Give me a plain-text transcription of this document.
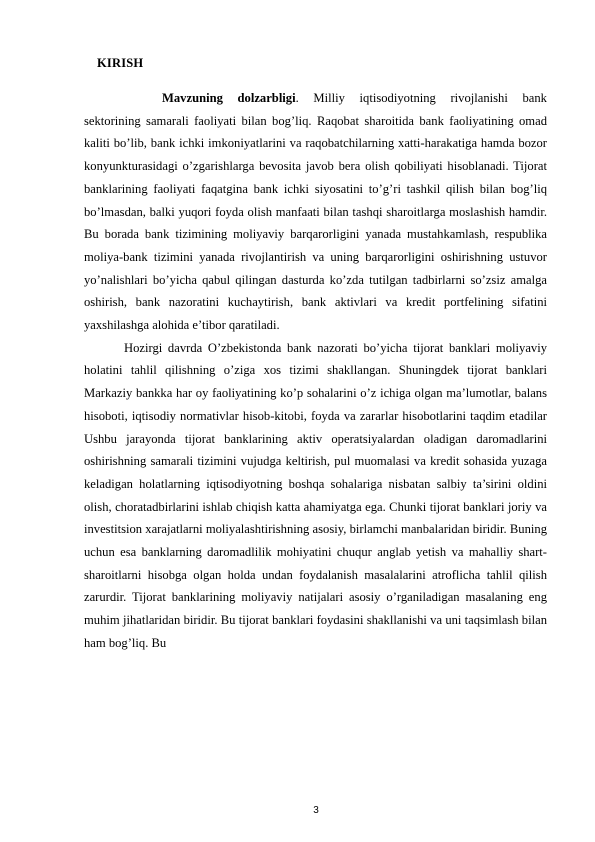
KIRISH

Mavzuning dolzarbligi. Milliy iqtisodiyotning rivojlanishi bank sektorining samarali faoliyati bilan bog’liq. Raqobat sharoitida bank faoliyatining omad kaliti bo’lib, bank ichki imkoniyatlarini va raqobatchilarning xatti-harakatiga hamda bozor konyunkturasidagi o’zgarishlarga bevosita javob bera olish qobiliyati hisoblanadi. Tijorat banklarining faoliyati faqatgina bank ichki siyosatini to’g’ri tashkil qilish bilan bog’liq bo’lmasdan, balki yuqori foyda olish manfaati bilan tashqi sharoitlarga moslashish hamdir. Bu borada bank tizimining moliyaviy barqarorligini yanada mustahkamlash, respublika moliya-bank tizimini yanada rivojlantirish va uning barqarorligini oshirishning ustuvor yo’nalishlari bo’yicha qabul qilingan dasturda ko’zda tutilgan tadbirlarni so’zsiz amalga oshirish, bank nazoratini kuchaytirish, bank aktivlari va kredit portfelining sifatini yaxshilashga alohida e’tibor qaratiladi.

Hozirgi davrda O’zbekistonda bank nazorati bo’yicha tijorat banklari moliyaviy holatini tahlil qilishning o’ziga xos tizimi shakllangan. Shuningdek tijorat banklari Markaziy bankka har oy faoliyatining ko’p sohalarini o’z ichiga olgan ma’lumotlar, balans hisoboti, iqtisodiy normativlar hisob-kitobi, foyda va zararlar hisobotlarini taqdim etadilar Ushbu jarayonda tijorat banklarining aktiv operatsiyalardan oladigan daromadlarini oshirishning samarali tizimini vujudga keltirish, pul muomalasi va kredit sohasida yuzaga keladigan holatlarning iqtisodiyotning boshqa sohalariga nisbatan salbiy ta’sirini oldini olish, choratadbirlarini ishlab chiqish katta ahamiyatga ega. Chunki tijorat banklari joriy va investitsion xarajatlarni moliyalashtirishning asosiy, birlamchi manbalaridan biridir. Buning uchun esa banklarning daromadlilik mohiyatini chuqur anglab yetish va mahalliy shart-sharoitlarni hisobga olgan holda undan foydalanish masalalarini atroflicha tahlil qilish zarurdir. Tijorat banklarining moliyaviy natijalari asosiy o’rganiladigan masalaning eng muhim jihatlaridan biridir. Bu tijorat banklari foydasini shakllanishi va uni taqsimlash bilan ham bog’liq. Bu

3
